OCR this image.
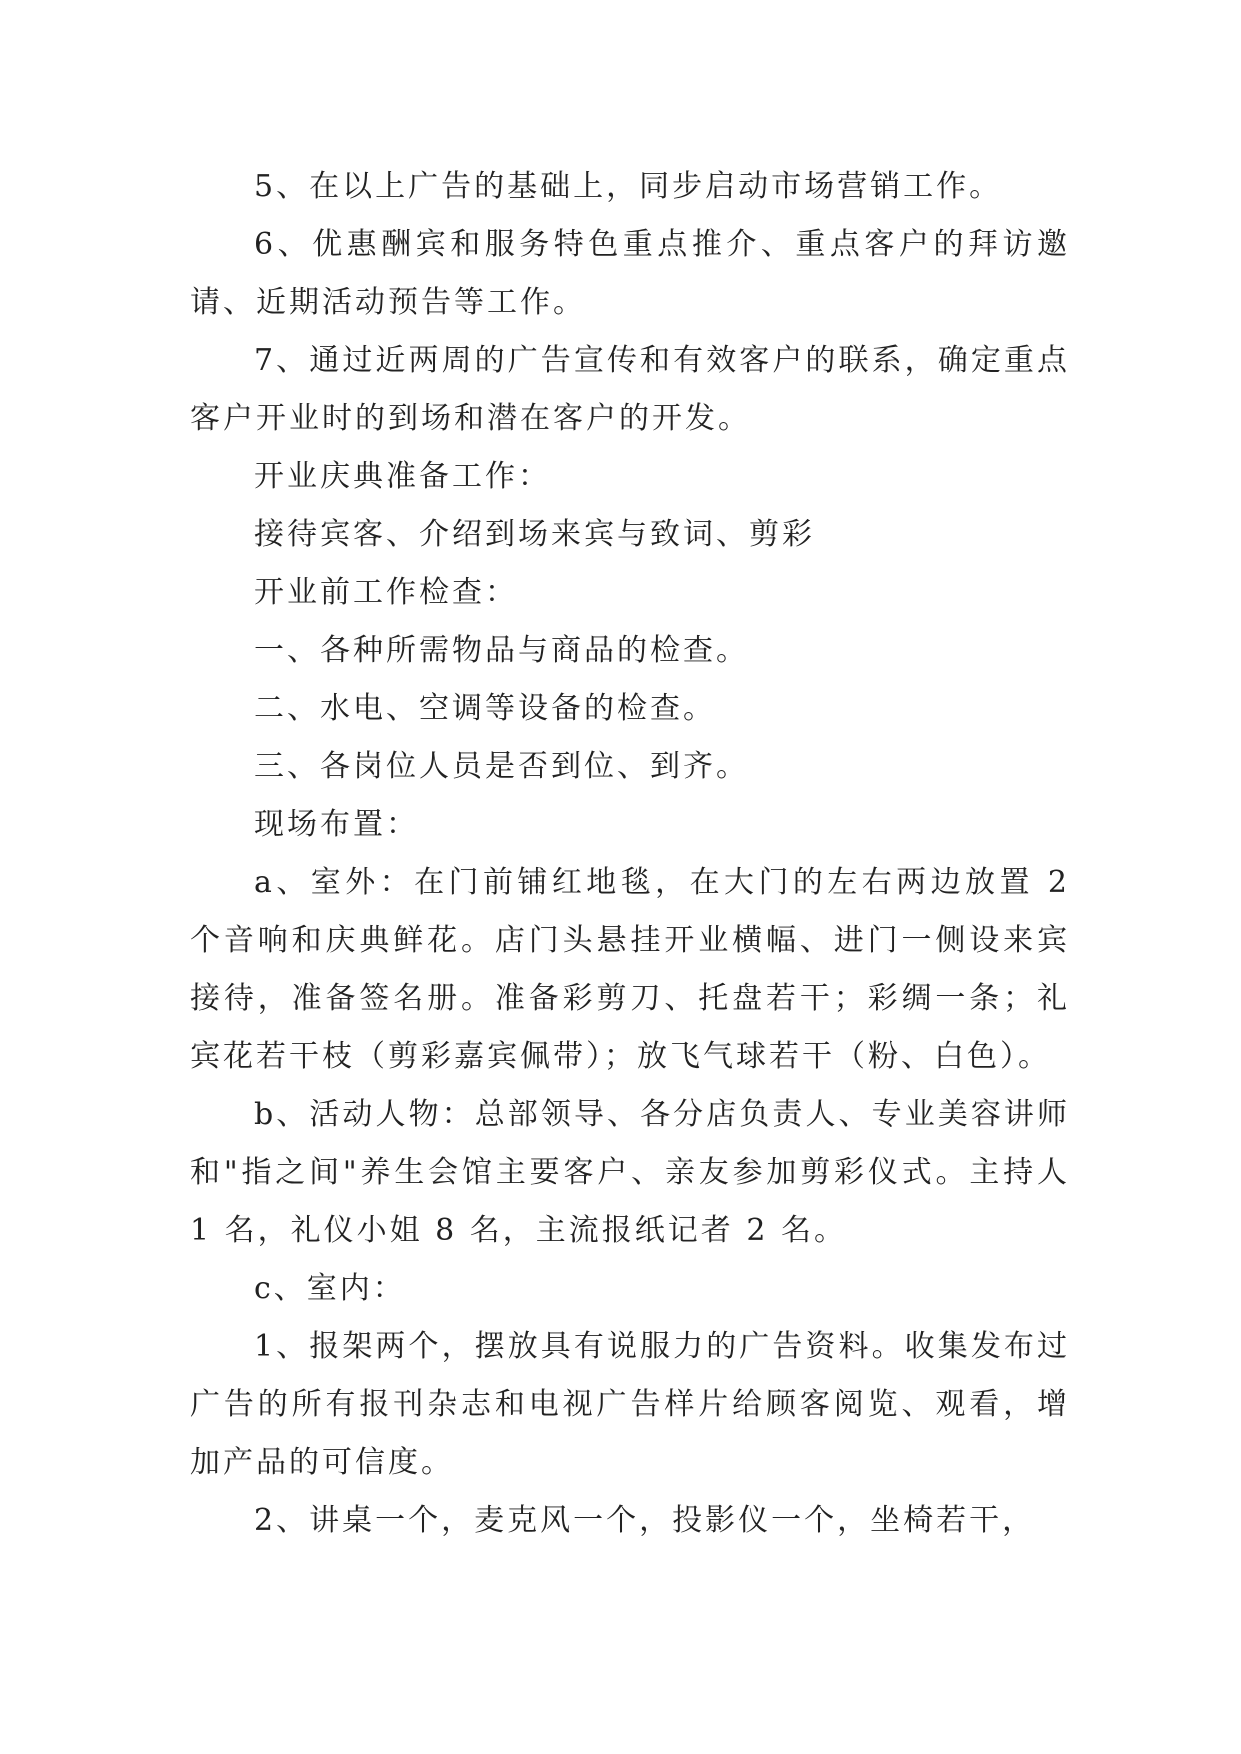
5、在以上广告的基础上，同步启动市场营销工作。

6、优惠酬宾和服务特色重点推介、重点客户的拜访邀请、近期活动预告等工作。

7、通过近两周的广告宣传和有效客户的联系，确定重点客户开业时的到场和潜在客户的开发。

开业庆典准备工作：

接待宾客、介绍到场来宾与致词、剪彩

开业前工作检查：

一、各种所需物品与商品的检查。

二、水电、空调等设备的检查。

三、各岗位人员是否到位、到齐。

现场布置：

a、室外：在门前铺红地毯，在大门的左右两边放置 2 个音响和庆典鲜花。店门头悬挂开业横幅、进门一侧设来宾接待，准备签名册。准备彩剪刀、托盘若干；彩绸一条；礼宾花若干枝（剪彩嘉宾佩带）；放飞气球若干（粉、白色）。

b、活动人物：总部领导、各分店负责人、专业美容讲师和"指之间"养生会馆主要客户、亲友参加剪彩仪式。主持人 1 名，礼仪小姐 8 名，主流报纸记者 2 名。

c、室内：

1、报架两个，摆放具有说服力的广告资料。收集发布过广告的所有报刊杂志和电视广告样片给顾客阅览、观看，增加产品的可信度。

2、讲桌一个，麦克风一个，投影仪一个，坐椅若干，
